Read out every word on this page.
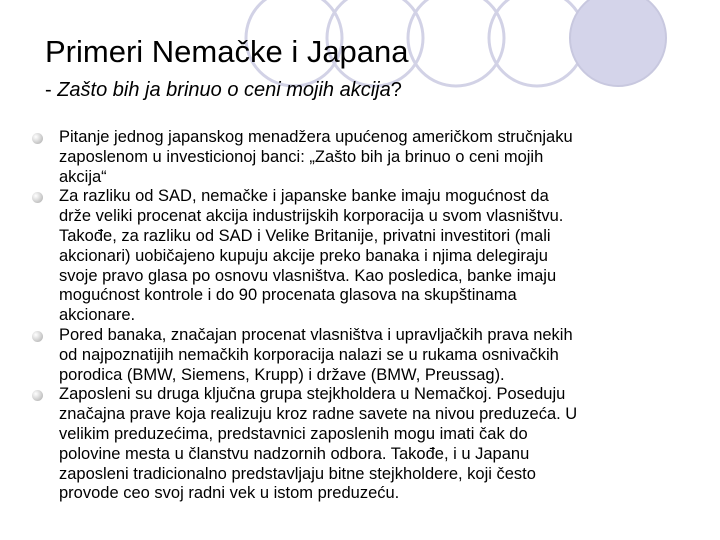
Primeri Nemačke i Japana
- Zašto bih ja brinuo o ceni mojih akcija?
Pitanje jednog japanskog menadžera upućenog američkom stručnjaku
zaposlenom u investicionoj banci: „Zašto bih ja brinuo o ceni mojih
akcija“
Za razliku od SAD, nemačke i japanske banke imaju mogućnost da
drže veliki procenat akcija industrijskih korporacija u svom vlasništvu.
Takođe, za razliku od SAD i Velike Britanije, privatni investitori (mali
akcionari) uobičajeno kupuju akcije preko banaka i njima delegiraju
svoje pravo glasa po osnovu vlasništva. Kao posledica, banke imaju
mogućnost kontrole i do 90 procenata glasova na skupštinama
akcionare.
Pored banaka, značajan procenat vlasništva i upravljačkih prava nekih
od najpoznatijih nemačkih korporacija nalazi se u rukama osnivačkih
porodica (BMW, Siemens, Krupp) i države (BMW, Preussag).
Zaposleni su druga ključna grupa stejkholdera u Nemačkoj. Poseduju
značajna prave koja realizuju kroz radne savete na nivou preduzeća. U
velikim preduzećima, predstavnici zaposlenih mogu imati čak do
polovine mesta u članstvu nadzornih odbora. Takođe, i u Japanu
zaposleni tradicionalno predstavljaju bitne stejkholdere, koji često
provode ceo svoj radni vek u istom preduzeću.
